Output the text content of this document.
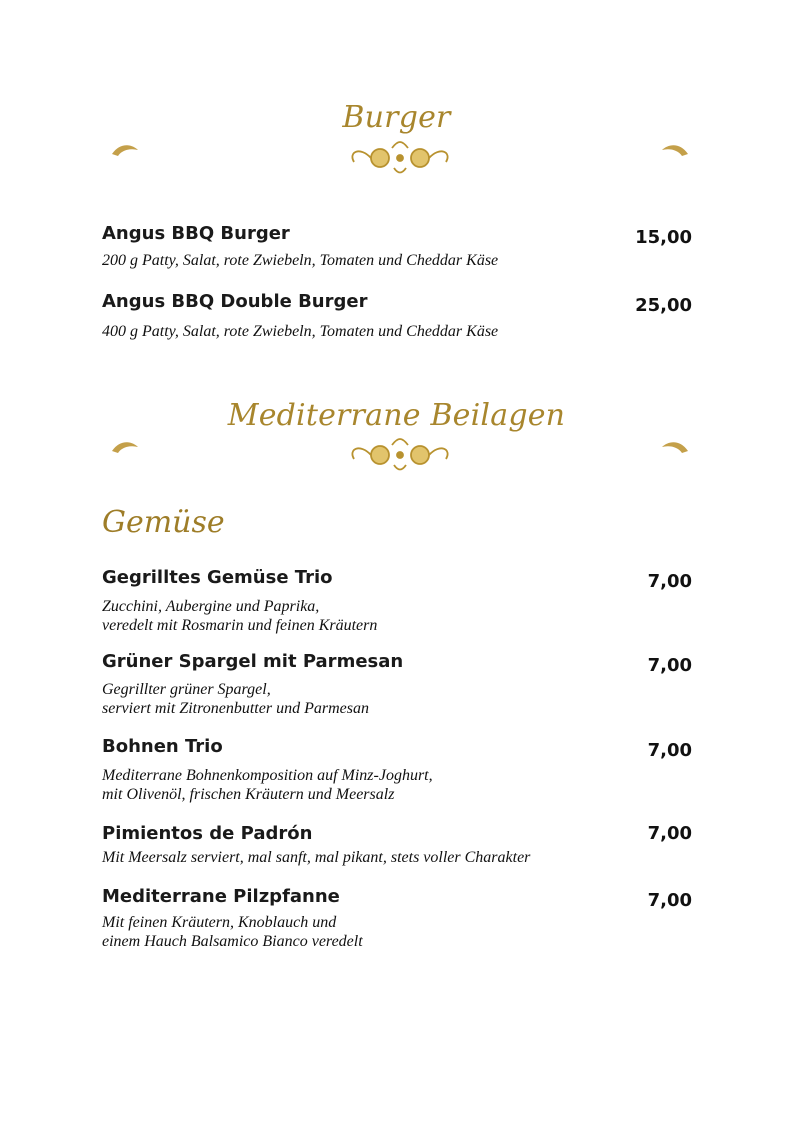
Burger
Angus BBQ Burger
200 g Patty, Salat, rote Zwiebeln, Tomaten und Cheddar Käse
15,00
Angus BBQ Double Burger
400 g Patty, Salat, rote Zwiebeln, Tomaten und Cheddar Käse
25,00
Mediterrane Beilagen
Gemüse
Gegrilltes Gemüse Trio
Zucchini, Aubergine und Paprika,
veredelt mit Rosmarin und feinen Kräutern
7,00
Grüner Spargel mit Parmesan
Gegrillter grüner Spargel,
serviert mit Zitronenbutter und Parmesan
7,00
Bohnen Trio
Mediterrane Bohnenkomposition auf Minz-Joghurt,
mit Olivenöl, frischen Kräutern und Meersalz
7,00
Pimientos de Padrón
Mit Meersalz serviert, mal sanft, mal pikant, stets voller Charakter
7,00
Mediterrane Pilzpfanne
Mit feinen Kräutern, Knoblauch und
einem Hauch Balsamico Bianco veredelt
7,00
